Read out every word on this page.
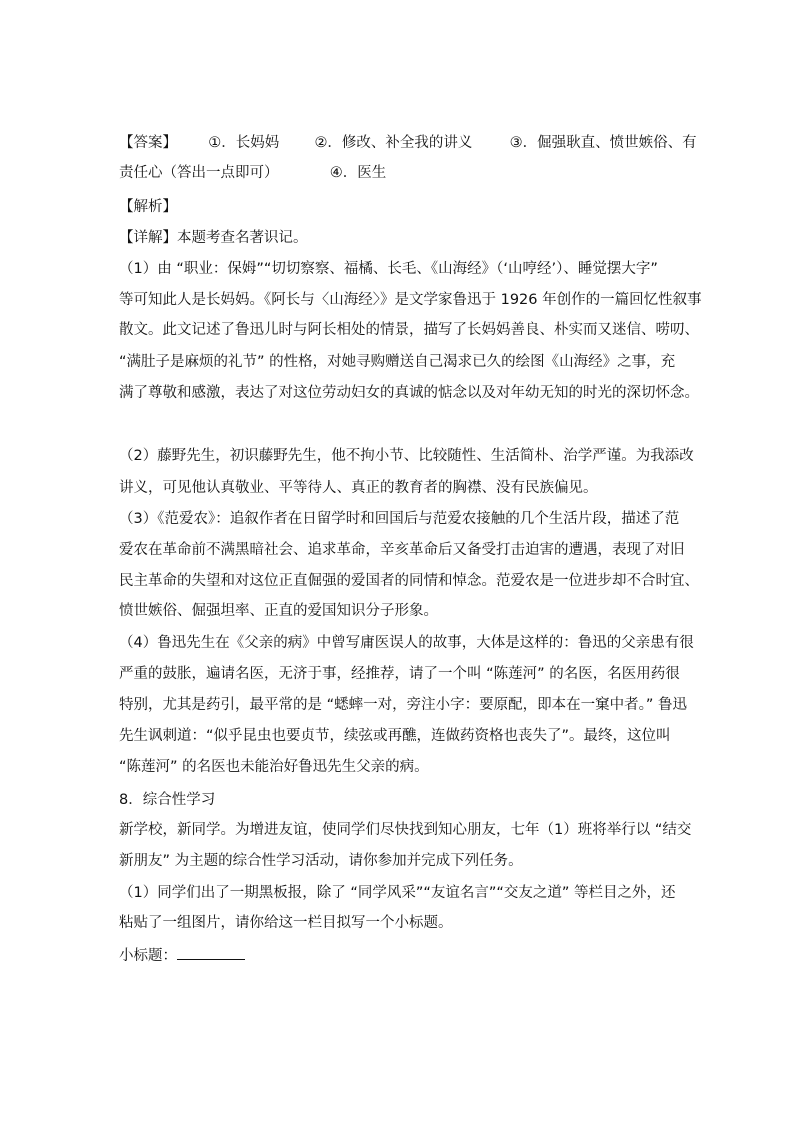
【答案】 ①．长妈妈 ②．修改、补全我的讲义	③．倔强耿直、愤世嫉俗、有
责任心（答出一点即可）	④．医生
【解析】
【详解】本题考查名著识记。
（1）由 “职业：保姆”“切切察察、福橘、长毛、《山海经》（‘山哼经’）、睡觉摆大字”
等可知此人是长妈妈。《阿长与〈山海经〉》是文学家鲁迅于 1926 年创作的一篇回忆性叙事
散文。此文记述了鲁迅儿时与阿长相处的情景，描写了长妈妈善良、朴实而又迷信、唠叨、
“满肚子是麻烦的礼节” 的性格，对她寻购赠送自己渴求已久的绘图《山海经》之事，充
满了尊敬和感激，表达了对这位劳动妇女的真诚的惦念以及对年幼无知的时光的深切怀念。
（2）藤野先生，初识藤野先生，他不拘小节、比较随性、生活简朴、治学严谨。为我添改
讲义，可见他认真敬业、平等待人、真正的教育者的胸襟、没有民族偏见。
（3）《范爱农》：追叙作者在日留学时和回国后与范爱农接触的几个生活片段，描述了范
爱农在革命前不满黑暗社会、追求革命，辛亥革命后又备受打击迫害的遭遇，表现了对旧
民主革命的失望和对这位正直倔强的爱国者的同情和悼念。范爱农是一位进步却不合时宜、
愤世嫉俗、倔强坦率、正直的爱国知识分子形象。
（4）鲁迅先生在《父亲的病》中曾写庸医误人的故事，大体是这样的：鲁迅的父亲患有很
严重的鼓胀，遍请名医，无济于事，经推荐，请了一个叫 “陈莲河” 的名医，名医用药很
特别，尤其是药引，最平常的是 “蟋蟀一对，旁注小字：要原配，即本在一窠中者。” 鲁迅
先生讽刺道：“似乎昆虫也要贞节，续弦或再醮，连做药资格也丧失了”。最终，这位叫
“陈莲河” 的名医也未能治好鲁迅先生父亲的病。
8．综合性学习
新学校，新同学。为增进友谊，使同学们尽快找到知心朋友，七年（1）班将举行以 “结交
新朋友” 为主题的综合性学习活动，请你参加并完成下列任务。
（1）同学们出了一期黑板报，除了 “同学风采”“友谊名言”“交友之道” 等栏目之外，还
粘贴了一组图片，请你给这一栏目拟写一个小标题。
小标题：
